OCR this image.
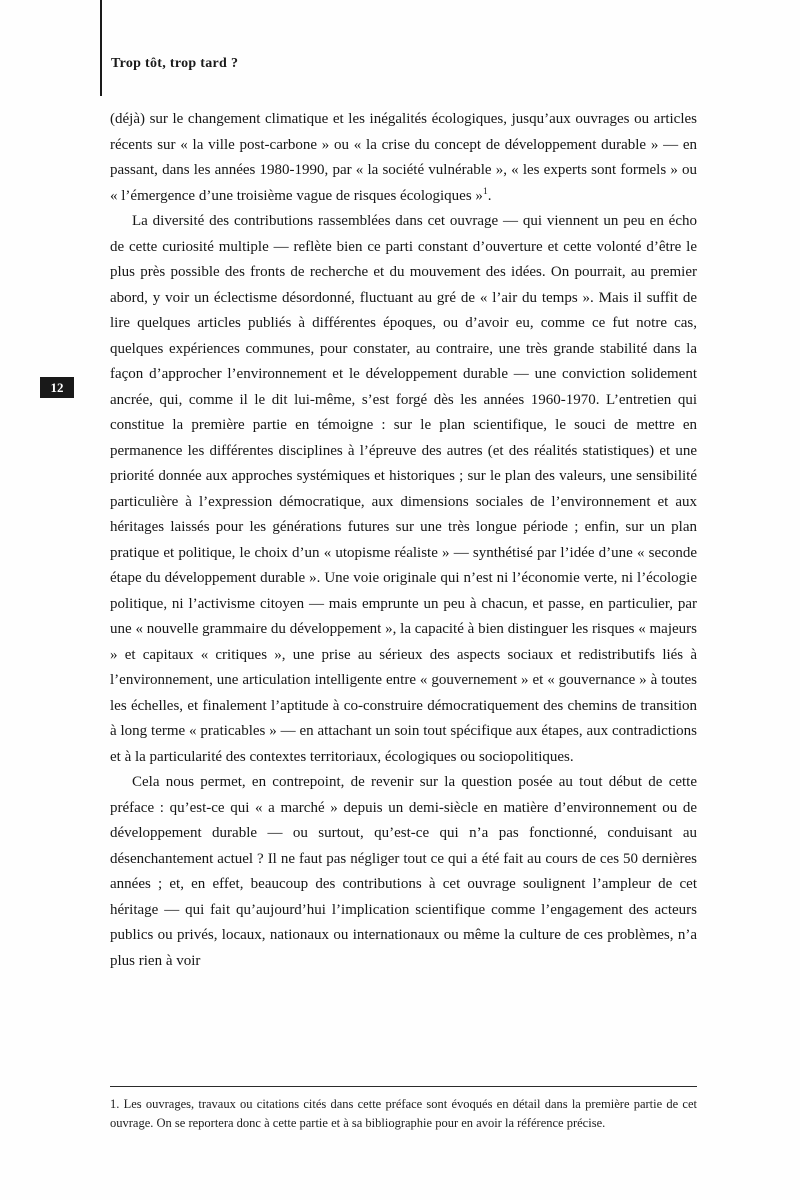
Trop tôt, trop tard ?
12

(déjà) sur le changement climatique et les inégalités écologiques, jusqu’aux ouvrages ou articles récents sur « la ville post-carbone » ou « la crise du concept de développement durable » — en passant, dans les années 1980-1990, par « la société vulnérable », « les experts sont formels » ou « l’émergence d’une troisième vague de risques écologiques »$^1$.

La diversité des contributions rassemblées dans cet ouvrage — qui viennent un peu en écho de cette curiosité multiple — reflète bien ce parti constant d’ouverture et cette volonté d’être le plus près possible des fronts de recherche et du mouvement des idées. On pourrait, au premier abord, y voir un éclectisme désordonné, fluctuant au gré de « l’air du temps ». Mais il suffit de lire quelques articles publiés à différentes époques, ou d’avoir eu, comme ce fut notre cas, quelques expériences communes, pour constater, au contraire, une très grande stabilité dans la façon d’approcher l’environnement et le développement durable — une conviction solidement ancrée, qui, comme il le dit lui-même, s’est forgé dès les années 1960-1970. L’entretien qui constitue la première partie en témoigne : sur le plan scientifique, le souci de mettre en permanence les différentes disciplines à l’épreuve des autres (et des réalités statistiques) et une priorité donnée aux approches systémiques et historiques ; sur le plan des valeurs, une sensibilité particulière à l’expression démocratique, aux dimensions sociales de l’environnement et aux héritages laissés pour les générations futures sur une très longue période ; enfin, sur un plan pratique et politique, le choix d’un « utopisme réaliste » — synthétisé par l’idée d’une « seconde étape du développement durable ». Une voie originale qui n’est ni l’économie verte, ni l’écologie politique, ni l’activisme citoyen — mais emprunte un peu à chacun, et passe, en particulier, par une « nouvelle grammaire du développement », la capacité à bien distinguer les risques « majeurs » et capitaux « critiques », une prise au sérieux des aspects sociaux et redistributifs liés à l’environnement, une articulation intelligente entre « gouvernement » et « gouvernance » à toutes les échelles, et finalement l’aptitude à co-construire démocratiquement des chemins de transition à long terme « praticables » — en attachant un soin tout spécifique aux étapes, aux contradictions et à la particularité des contextes territoriaux, écologiques ou sociopolitiques.

Cela nous permet, en contrepoint, de revenir sur la question posée au tout début de cette préface : qu’est-ce qui « a marché » depuis un demi-siècle en matière d’environnement ou de développement durable — ou surtout, qu’est-ce qui n’a pas fonctionné, conduisant au désenchantement actuel ? Il ne faut pas négliger tout ce qui a été fait au cours de ces 50 dernières années ; et, en effet, beaucoup des contributions à cet ouvrage soulignent l’ampleur de cet héritage — qui fait qu’aujourd’hui l’implication scientifique comme l’engagement des acteurs publics ou privés, locaux, nationaux ou internationaux ou même la culture de ces problèmes, n’a plus rien à voir

1. Les ouvrages, travaux ou citations cités dans cette préface sont évoqués en détail dans la première partie de cet ouvrage. On se reportera donc à cette partie et à sa bibliographie pour en avoir la référence précise.
